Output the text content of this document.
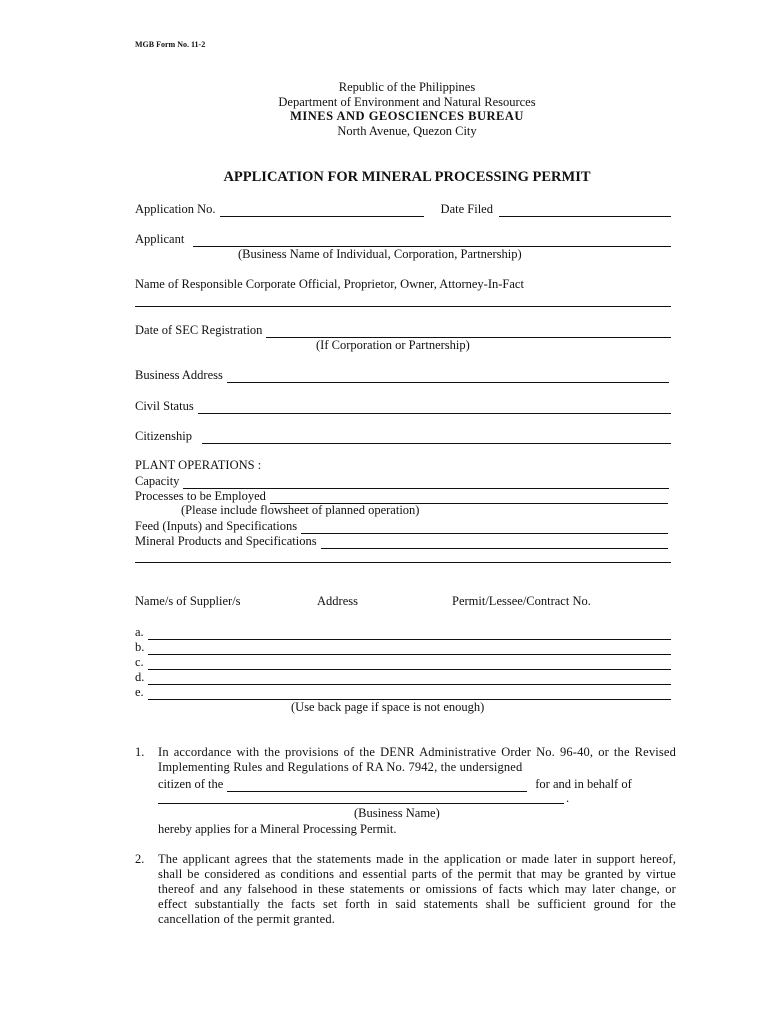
MGB Form No. 11-2
Republic of the Philippines
Department of Environment and Natural Resources
MINES AND GEOSCIENCES BUREAU
North Avenue, Quezon City
APPLICATION FOR MINERAL PROCESSING PERMIT
Application No.	Date Filed
Applicant
(Business Name of Individual, Corporation, Partnership)
Name of Responsible Corporate Official, Proprietor, Owner, Attorney-In-Fact
Date of SEC Registration
(If Corporation or Partnership)
Business Address
Civil Status
Citizenship
PLANT OPERATIONS :
Capacity
Processes to be Employed
(Please include flowsheet of planned operation)
Feed (Inputs) and Specifications
Mineral Products and Specifications
Name/s of Supplier/s	Address	Permit/Lessee/Contract No.
a.
b.
c.
d.
e.
(Use back page if space is not enough)
1. In accordance with the provisions of the DENR Administrative Order No. 96-40, or the Revised Implementing Rules and Regulations of RA No. 7942, the undersigned
citizen of the	for and in behalf of
.
(Business Name)
hereby applies for a Mineral Processing Permit.
2. The applicant agrees that the statements made in the application or made later in support hereof, shall be considered as conditions and essential parts of the permit that may be granted by virtue thereof and any falsehood in these statements or omissions of facts which may later change, or effect substantially the facts set forth in said statements shall be sufficient ground for the cancellation of the permit granted.
